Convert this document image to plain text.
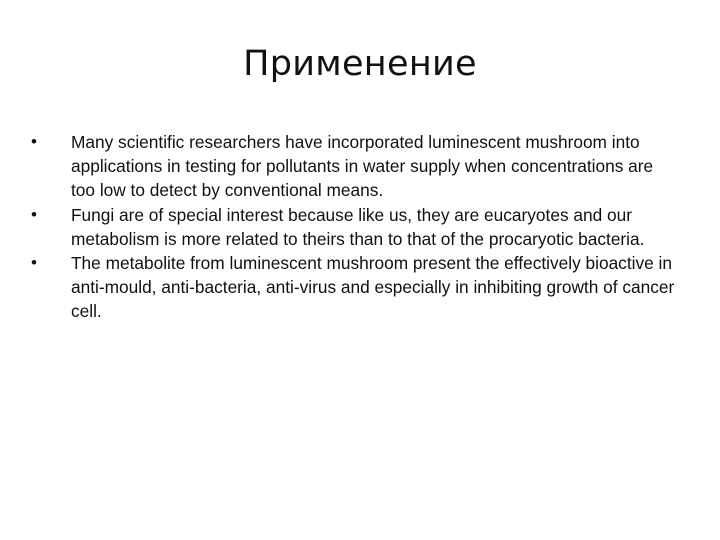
Применение
•	Many scientific researchers have incorporated luminescent mushroom into applications in testing for pollutants in water supply when concentrations are too low to detect by conventional means.
•	Fungi are of special interest because like us, they are eucaryotes and our metabolism is more related to theirs than to that of the procaryotic bacteria.
•	The metabolite from luminescent mushroom present the effectively bioactive in anti-mould, anti-bacteria, anti-virus and especially in inhibiting growth of cancer cell.
